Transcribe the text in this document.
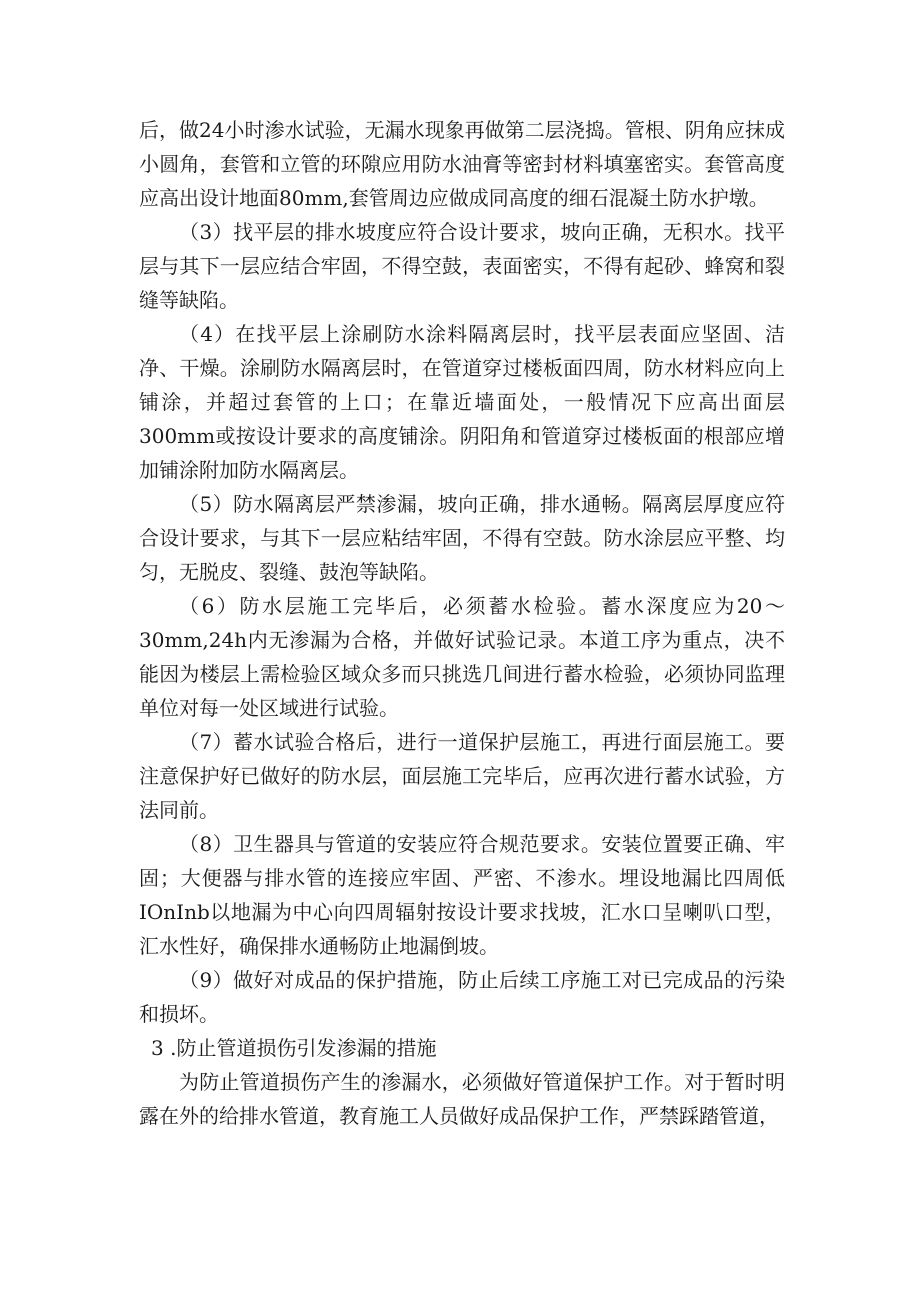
后，做24小时渗水试验，无漏水现象再做第二层浇捣。管根、阴角应抹成小圆角，套管和立管的环隙应用防水油膏等密封材料填塞密实。套管高度应高出设计地面80mm,套管周边应做成同高度的细石混凝土防水护墩。

（3）找平层的排水坡度应符合设计要求，坡向正确，无积水。找平层与其下一层应结合牢固，不得空鼓，表面密实，不得有起砂、蜂窝和裂缝等缺陷。

（4）在找平层上涂刷防水涂料隔离层时，找平层表面应坚固、洁净、干燥。涂刷防水隔离层时，在管道穿过楼板面四周，防水材料应向上铺涂，并超过套管的上口；在靠近墙面处，一般情况下应高出面层300mm或按设计要求的高度铺涂。阴阳角和管道穿过楼板面的根部应增加铺涂附加防水隔离层。

（5）防水隔离层严禁渗漏，坡向正确，排水通畅。隔离层厚度应符合设计要求，与其下一层应粘结牢固，不得有空鼓。防水涂层应平整、均匀，无脱皮、裂缝、鼓泡等缺陷。

（6）防水层施工完毕后，必须蓄水检验。蓄水深度应为20〜30mm,24h内无渗漏为合格，并做好试验记录。本道工序为重点，决不能因为楼层上需检验区域众多而只挑选几间进行蓄水检验，必须协同监理单位对每一处区域进行试验。

（7）蓄水试验合格后，进行一道保护层施工，再进行面层施工。要注意保护好已做好的防水层，面层施工完毕后，应再次进行蓄水试验，方法同前。

（8）卫生器具与管道的安装应符合规范要求。安装位置要正确、牢固；大便器与排水管的连接应牢固、严密、不渗水。埋设地漏比四周低IOnInb以地漏为中心向四周辐射按设计要求找坡，汇水口呈喇叭口型，汇水性好，确保排水通畅防止地漏倒坡。

（9）做好对成品的保护措施，防止后续工序施工对已完成品的污染和损坏。

3 .防止管道损伤引发渗漏的措施

为防止管道损伤产生的渗漏水，必须做好管道保护工作。对于暂时明露在外的给排水管道，教育施工人员做好成品保护工作，严禁踩踏管道，
